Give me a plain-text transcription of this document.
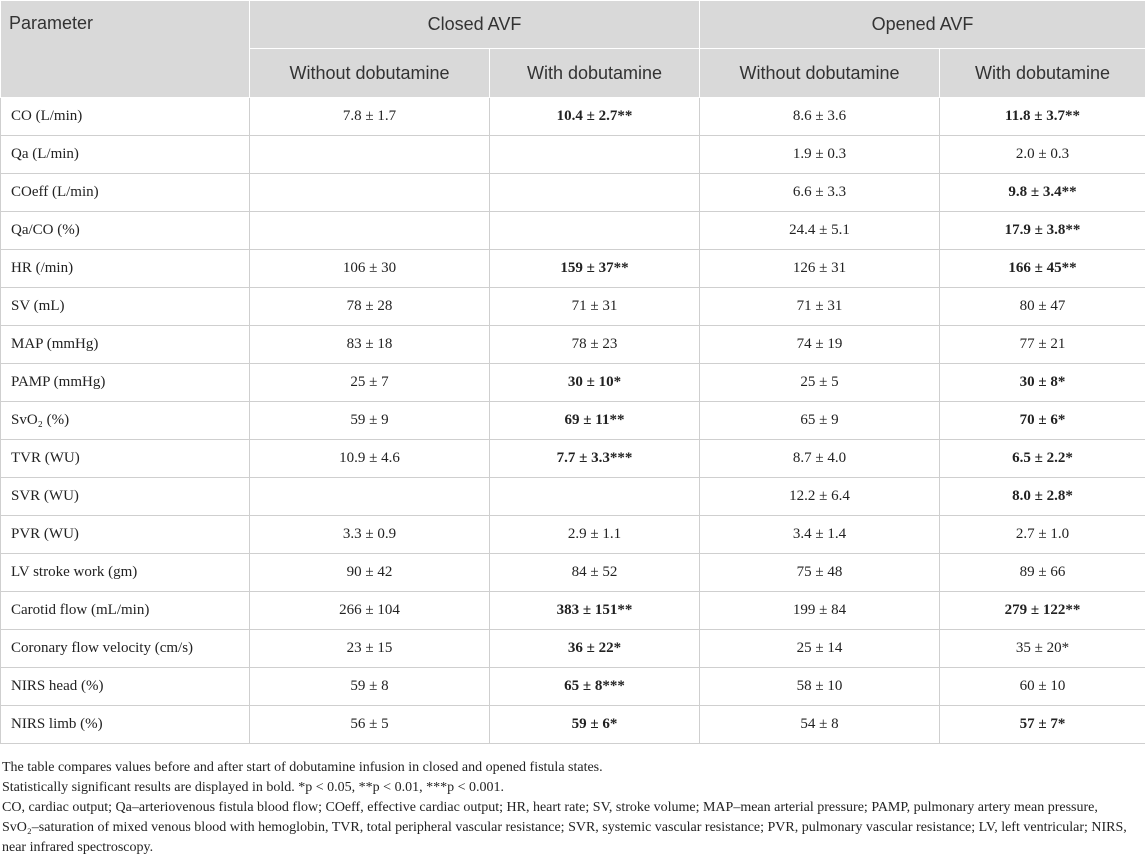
Parameter	Closed AVF		Opened AVF	
	Without dobutamine	With dobutamine	Without dobutamine	With dobutamine
CO (L/min)	7.8 ± 1.7	10.4 ± 2.7**	8.6 ± 3.6	11.8 ± 3.7**
Qa (L/min)			1.9 ± 0.3	2.0 ± 0.3
COeff (L/min)			6.6 ± 3.3	9.8 ± 3.4**
Qa/CO (%)			24.4 ± 5.1	17.9 ± 3.8**
HR (/min)	106 ± 30	159 ± 37**	126 ± 31	166 ± 45**
SV (mL)	78 ± 28	71 ± 31	71 ± 31	80 ± 47
MAP (mmHg)	83 ± 18	78 ± 23	74 ± 19	77 ± 21
PAMP (mmHg)	25 ± 7	30 ± 10*	25 ± 5	30 ± 8*
SvO₂ (%)	59 ± 9	69 ± 11**	65 ± 9	70 ± 6*
TVR (WU)	10.9 ± 4.6	7.7 ± 3.3***	8.7 ± 4.0	6.5 ± 2.2*
SVR (WU)			12.2 ± 6.4	8.0 ± 2.8*
PVR (WU)	3.3 ± 0.9	2.9 ± 1.1	3.4 ± 1.4	2.7 ± 1.0
LV stroke work (gm)	90 ± 42	84 ± 52	75 ± 48	89 ± 66
Carotid flow (mL/min)	266 ± 104	383 ± 151**	199 ± 84	279 ± 122**
Coronary flow velocity (cm/s)	23 ± 15	36 ± 22*	25 ± 14	35 ± 20*
NIRS head (%)	59 ± 8	65 ± 8***	58 ± 10	60 ± 10
NIRS limb (%)	56 ± 5	59 ± 6*	54 ± 8	57 ± 7*

The table compares values before and after start of dobutamine infusion in closed and opened fistula states.

Statistically significant results are displayed in bold. *p < 0.05, **p < 0.01, ***p < 0.001.

CO, cardiac output; Qa–arteriovenous fistula blood flow; COeff, effective cardiac output; HR, heart rate; SV, stroke volume; MAP–mean arterial pressure; PAMP, pulmonary artery mean pressure, SvO₂–saturation of mixed venous blood with hemoglobin, TVR, total peripheral vascular resistance; SVR, systemic vascular resistance; PVR, pulmonary vascular resistance; LV, left ventricular; NIRS, near infrared spectroscopy.
